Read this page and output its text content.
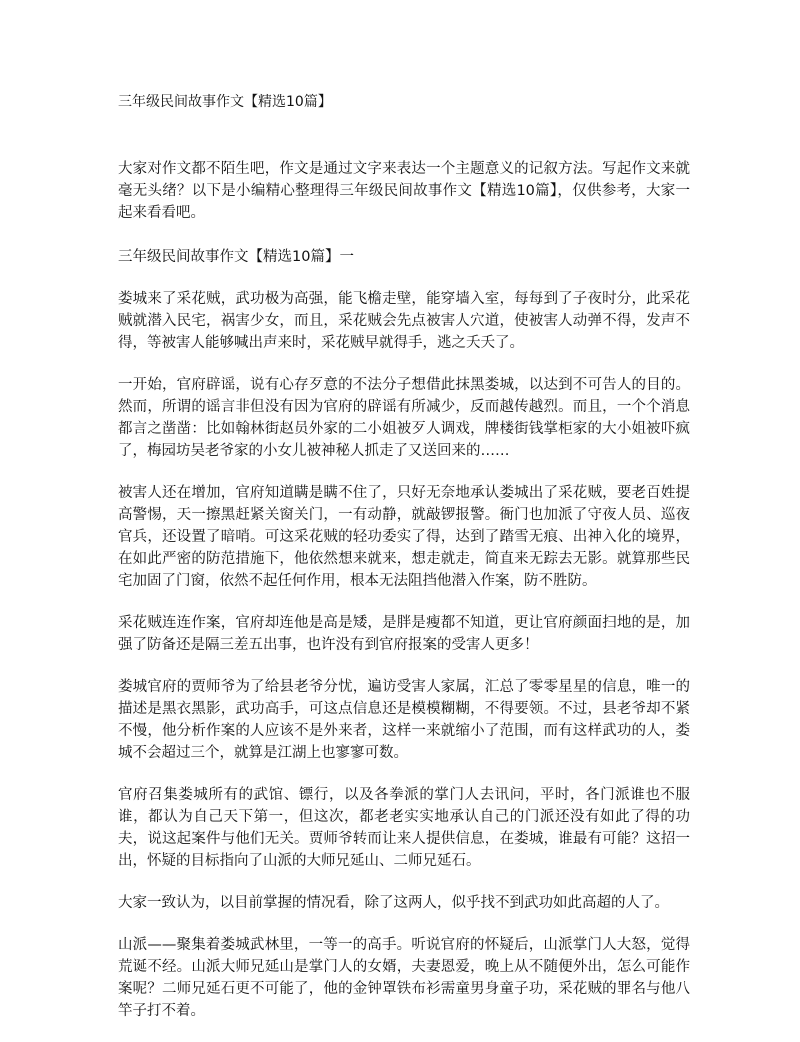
三年级民间故事作文【精选10篇】

大家对作文都不陌生吧，作文是通过文字来表达一个主题意义的记叙方法。写起作文来就毫无头绪？以下是小编精心整理得三年级民间故事作文【精选10篇】，仅供参考，大家一起来看看吧。

三年级民间故事作文【精选10篇】一

娄城来了采花贼，武功极为高强，能飞檐走壁，能穿墙入室，每每到了子夜时分，此采花贼就潜入民宅，祸害少女，而且，采花贼会先点被害人穴道，使被害人动弹不得，发声不得，等被害人能够喊出声来时，采花贼早就得手，逃之夭夭了。

一开始，官府辟谣，说有心存歹意的不法分子想借此抹黑娄城，以达到不可告人的目的。然而，所谓的谣言非但没有因为官府的辟谣有所减少，反而越传越烈。而且，一个个消息都言之凿凿：比如翰林街赵员外家的二小姐被歹人调戏，牌楼街钱掌柜家的大小姐被吓疯了，梅园坊吴老爷家的小女儿被神秘人抓走了又送回来的……

被害人还在增加，官府知道瞒是瞒不住了，只好无奈地承认娄城出了采花贼，要老百姓提高警惕，天一擦黑赶紧关窗关门，一有动静，就敲锣报警。衙门也加派了守夜人员、巡夜官兵，还设置了暗哨。可这采花贼的轻功委实了得，达到了踏雪无痕、出神入化的境界，在如此严密的防范措施下，他依然想来就来，想走就走，简直来无踪去无影。就算那些民宅加固了门窗，依然不起任何作用，根本无法阻挡他潜入作案，防不胜防。

采花贼连连作案，官府却连他是高是矮，是胖是瘦都不知道，更让官府颜面扫地的是，加强了防备还是隔三差五出事，也许没有到官府报案的受害人更多！

娄城官府的贾师爷为了给县老爷分忧，遍访受害人家属，汇总了零零星星的信息，唯一的描述是黑衣黑影，武功高手，可这点信息还是模模糊糊，不得要领。不过，县老爷却不紧不慢，他分析作案的人应该不是外来者，这样一来就缩小了范围，而有这样武功的人，娄城不会超过三个，就算是江湖上也寥寥可数。

官府召集娄城所有的武馆、镖行，以及各拳派的掌门人去讯问，平时，各门派谁也不服谁，都认为自己天下第一，但这次，都老老实实地承认自己的门派还没有如此了得的功夫，说这起案件与他们无关。贾师爷转而让来人提供信息，在娄城，谁最有可能？这招一出，怀疑的目标指向了山派的大师兄延山、二师兄延石。

大家一致认为，以目前掌握的情况看，除了这两人，似乎找不到武功如此高超的人了。

山派——聚集着娄城武林里，一等一的高手。听说官府的怀疑后，山派掌门人大怒，觉得荒诞不经。山派大师兄延山是掌门人的女婿，夫妻恩爱，晚上从不随便外出，怎么可能作案呢？二师兄延石更不可能了，他的金钟罩铁布衫需童男身童子功，采花贼的罪名与他八竿子打不着。
